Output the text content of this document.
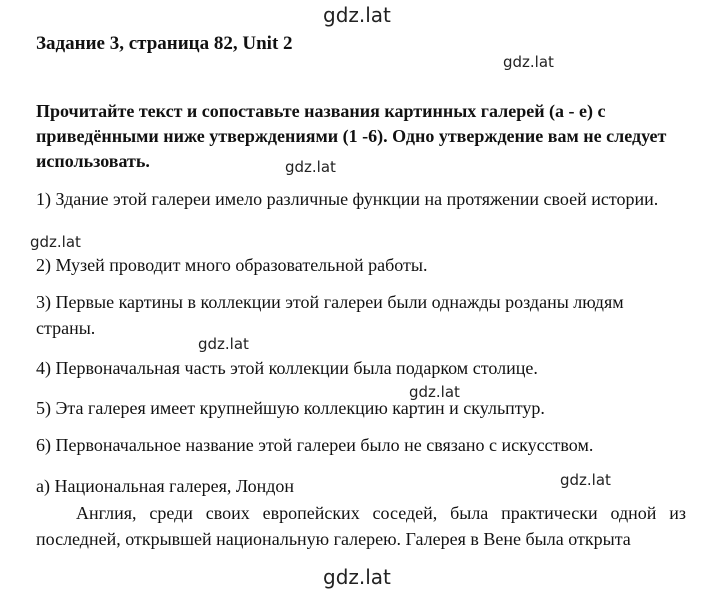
Задание 3, страница 82, Unit 2

Прочитайте текст и сопоставьте названия картинных галерей (a - e) с приведёнными ниже утверждениями (1 -6). Одно утверждение вам не следует использовать.

1) Здание этой галереи имело различные функции на протяжении своей истории.

2) Музей проводит много образовательной работы.

3) Первые картины в коллекции этой галереи были однажды розданы людям страны.

4) Первоначальная часть этой коллекции была подарком столице.

5) Эта галерея имеет крупнейшую коллекцию картин и скульптур.

6) Первоначальное название этой галереи было не связано с искусством.

a) Национальная галерея, Лондон

Англия, среди своих европейских соседей, была практически одной из последней, открывшей национальную галерею. Галерея в Вене была открыта

gdz.lat
gdz.lat
gdz.lat
gdz.lat
gdz.lat
gdz.lat
gdz.lat
gdz.lat
